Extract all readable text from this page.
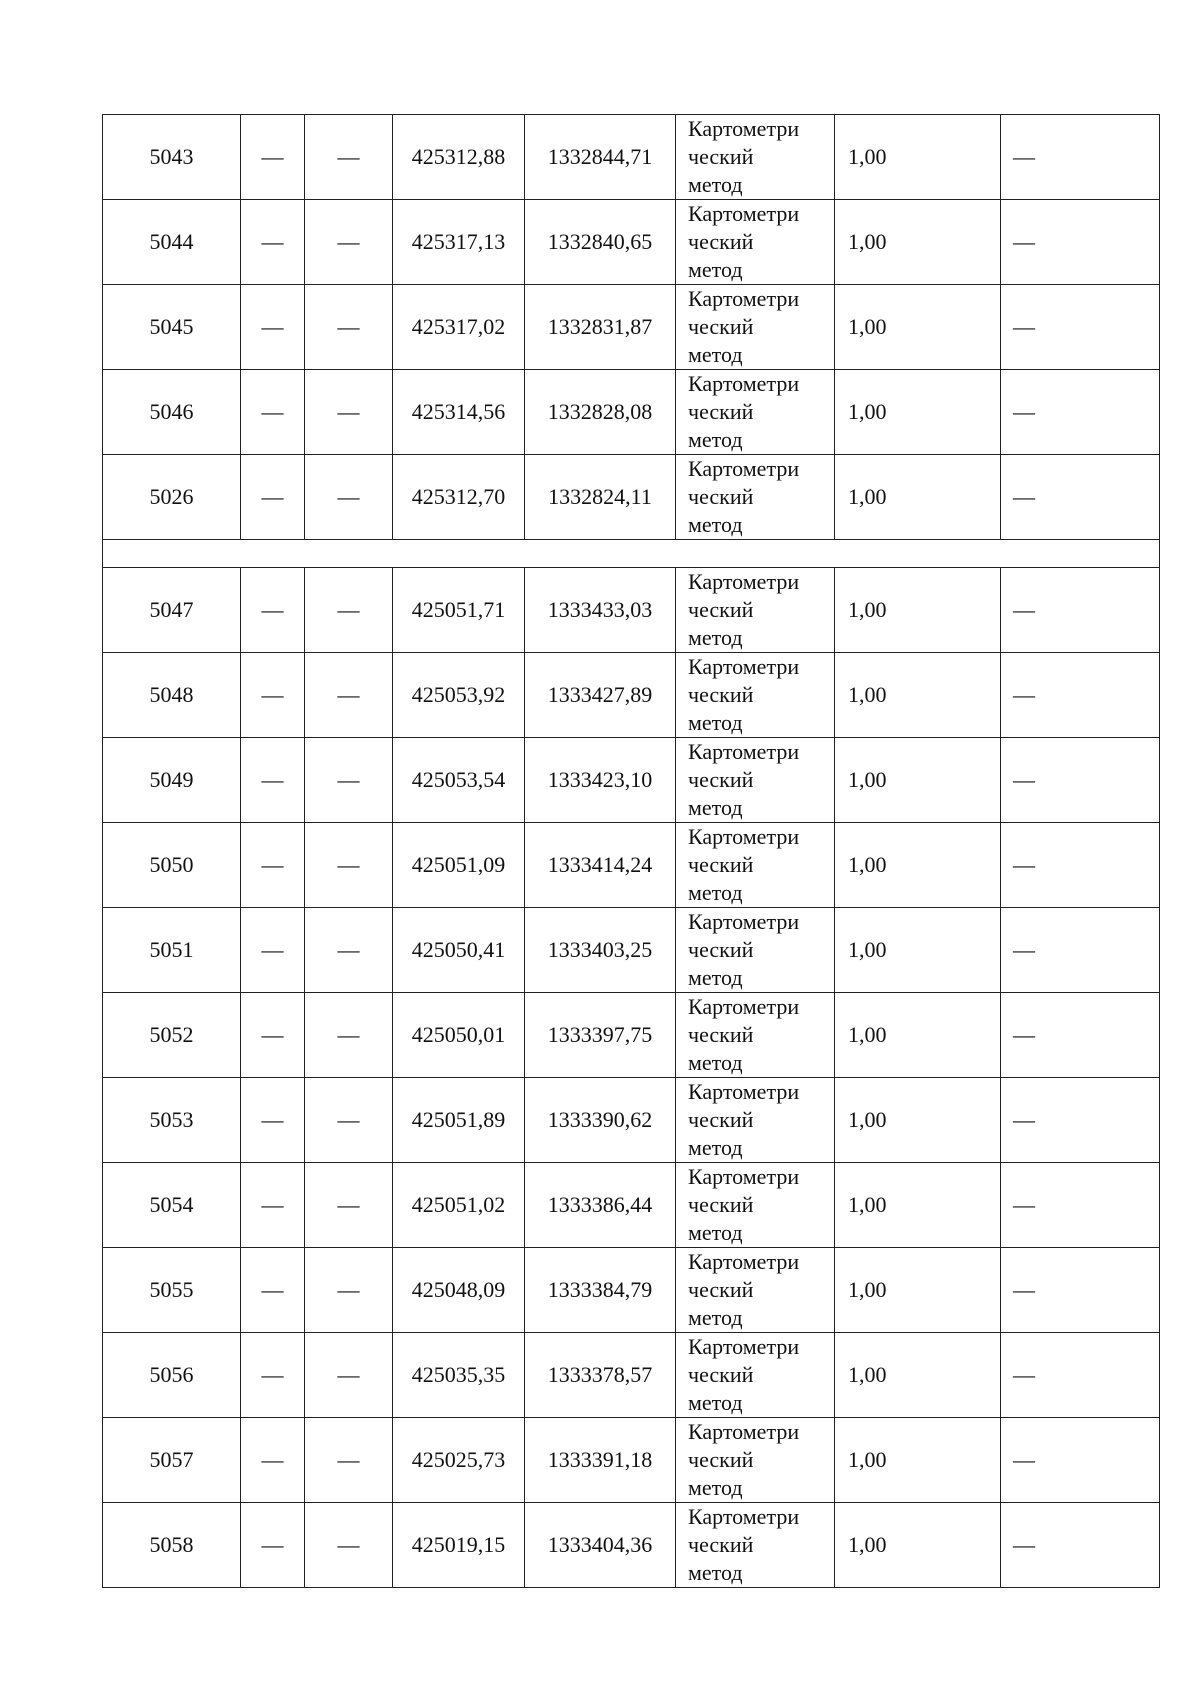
5043	—	—	425312,88	1332844,71	Картометри
ческий
метод	1,00	—
5044	—	—	425317,13	1332840,65	Картометри
ческий
метод	1,00	—
5045	—	—	425317,02	1332831,87	Картометри
ческий
метод	1,00	—
5046	—	—	425314,56	1332828,08	Картометри
ческий
метод	1,00	—
5026	—	—	425312,70	1332824,11	Картометри
ческий
метод	1,00	—

5047	—	—	425051,71	1333433,03	Картометри
ческий
метод	1,00	—
5048	—	—	425053,92	1333427,89	Картометри
ческий
метод	1,00	—
5049	—	—	425053,54	1333423,10	Картометри
ческий
метод	1,00	—
5050	—	—	425051,09	1333414,24	Картометри
ческий
метод	1,00	—
5051	—	—	425050,41	1333403,25	Картометри
ческий
метод	1,00	—
5052	—	—	425050,01	1333397,75	Картометри
ческий
метод	1,00	—
5053	—	—	425051,89	1333390,62	Картометри
ческий
метод	1,00	—
5054	—	—	425051,02	1333386,44	Картометри
ческий
метод	1,00	—
5055	—	—	425048,09	1333384,79	Картометри
ческий
метод	1,00	—
5056	—	—	425035,35	1333378,57	Картометри
ческий
метод	1,00	—
5057	—	—	425025,73	1333391,18	Картометри
ческий
метод	1,00	—
5058	—	—	425019,15	1333404,36	Картометри
ческий
метод	1,00	—
